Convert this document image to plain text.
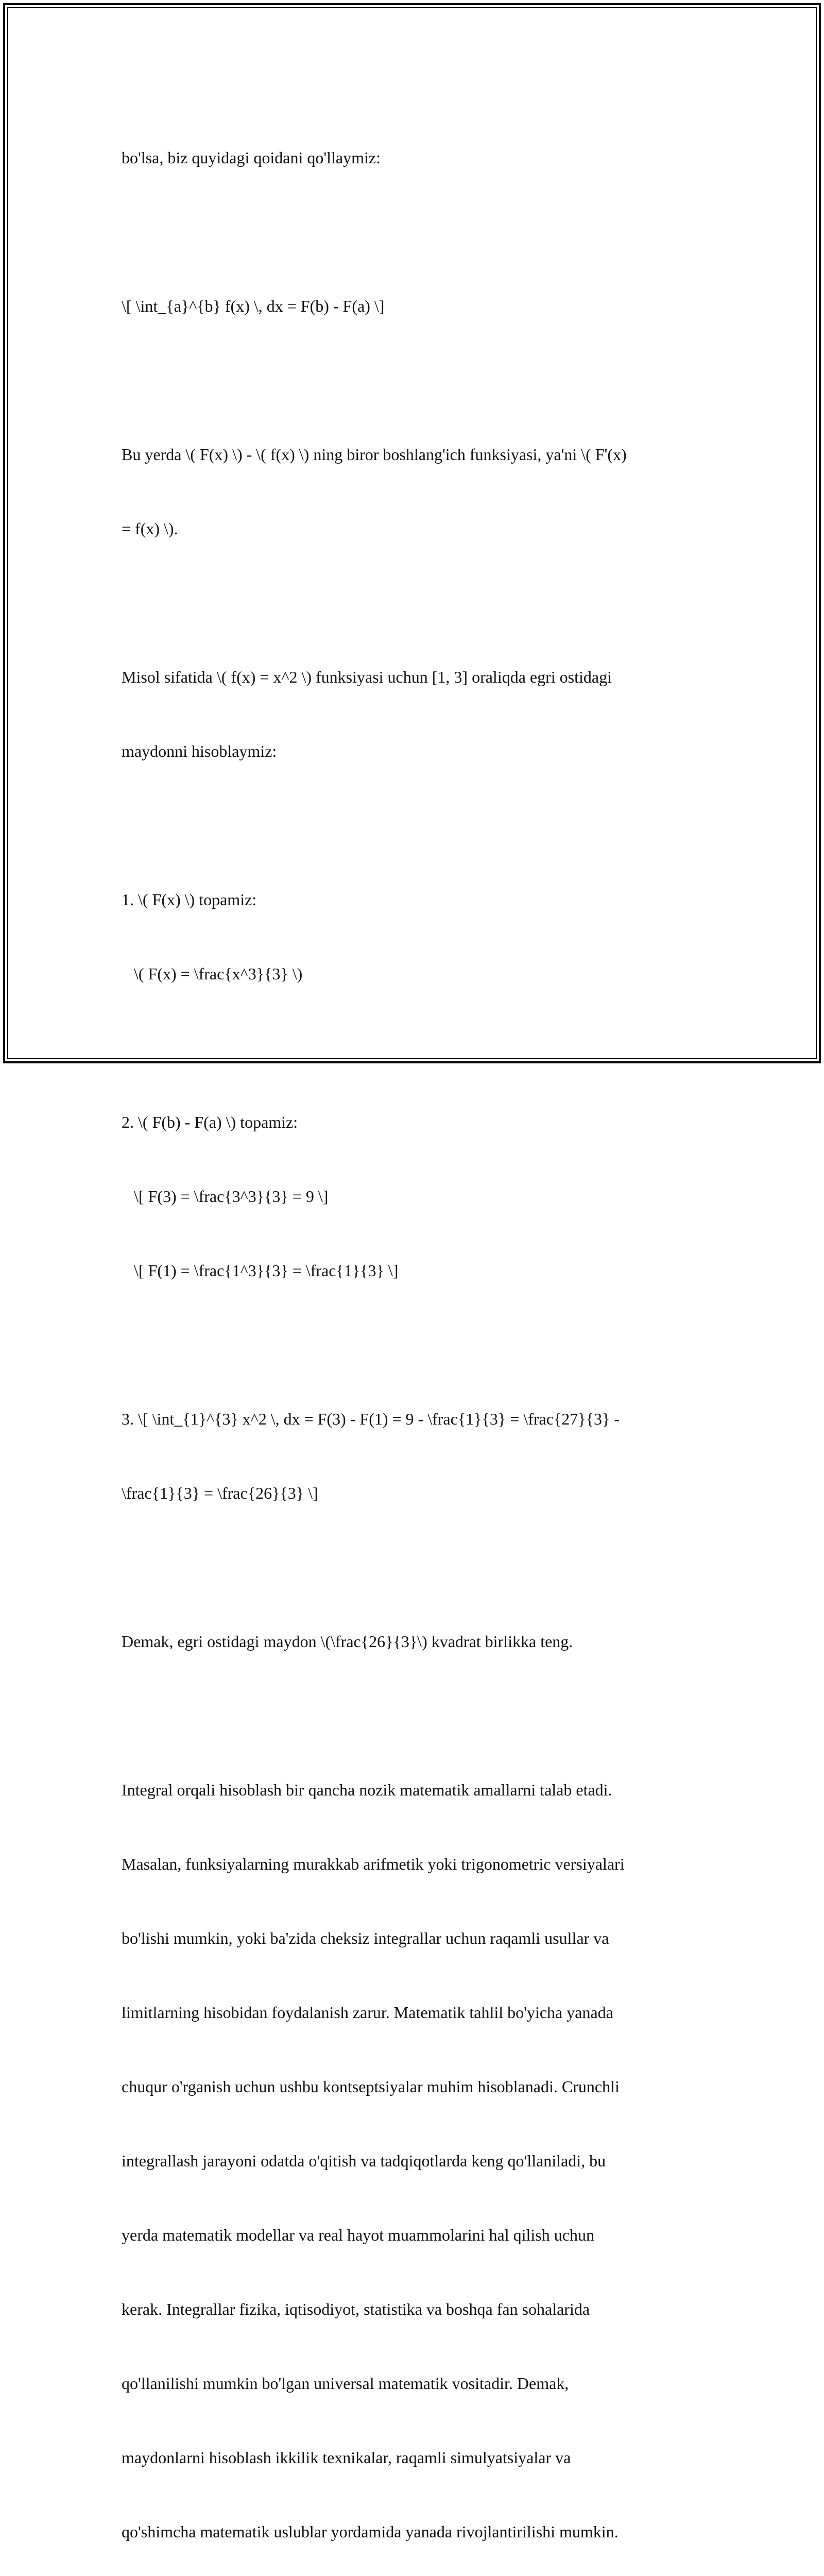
bo'lsa, biz quyidagi qoidani qo'llaymiz:

\[ \int_{a}^{b} f(x) \, dx = F(b) - F(a) \]

Bu yerda \( F(x) \) - \( f(x) \) ning biror boshlang'ich funksiyasi, ya'ni \( F'(x)

= f(x) \).

Misol sifatida \( f(x) = x^2 \) funksiyasi uchun [1, 3] oraliqda egri ostidagi

maydonni hisoblaymiz:

1. \( F(x) \) topamiz:

\( F(x) = \frac{x^3}{3} \)

2. \( F(b) - F(a) \) topamiz:

\[ F(3) = \frac{3^3}{3} = 9 \]

\[ F(1) = \frac{1^3}{3} = \frac{1}{3} \]

3. \[ \int_{1}^{3} x^2 \, dx = F(3) - F(1) = 9 - \frac{1}{3} = \frac{27}{3} -

\frac{1}{3} = \frac{26}{3} \]

Demak, egri ostidagi maydon \(\frac{26}{3}\) kvadrat birlikka teng.

Integral orqali hisoblash bir qancha nozik matematik amallarni talab etadi.

Masalan, funksiyalarning murakkab arifmetik yoki trigonometric versiyalari

bo'lishi mumkin, yoki ba'zida cheksiz integrallar uchun raqamli usullar va

limitlarning hisobidan foydalanish zarur. Matematik tahlil bo'yicha yanada

chuqur o'rganish uchun ushbu kontseptsiyalar muhim hisoblanadi. Crunchli

integrallash jarayoni odatda o'qitish va tadqiqotlarda keng qo'llaniladi, bu

yerda matematik modellar va real hayot muammolarini hal qilish uchun

kerak. Integrallar fizika, iqtisodiyot, statistika va boshqa fan sohalarida

qo'llanilishi mumkin bo'lgan universal matematik vositadir. Demak,

maydonlarni hisoblash ikkilik texnikalar, raqamli simulyatsiyalar va

qo'shimcha matematik uslublar yordamida yanada rivojlantirilishi mumkin.
